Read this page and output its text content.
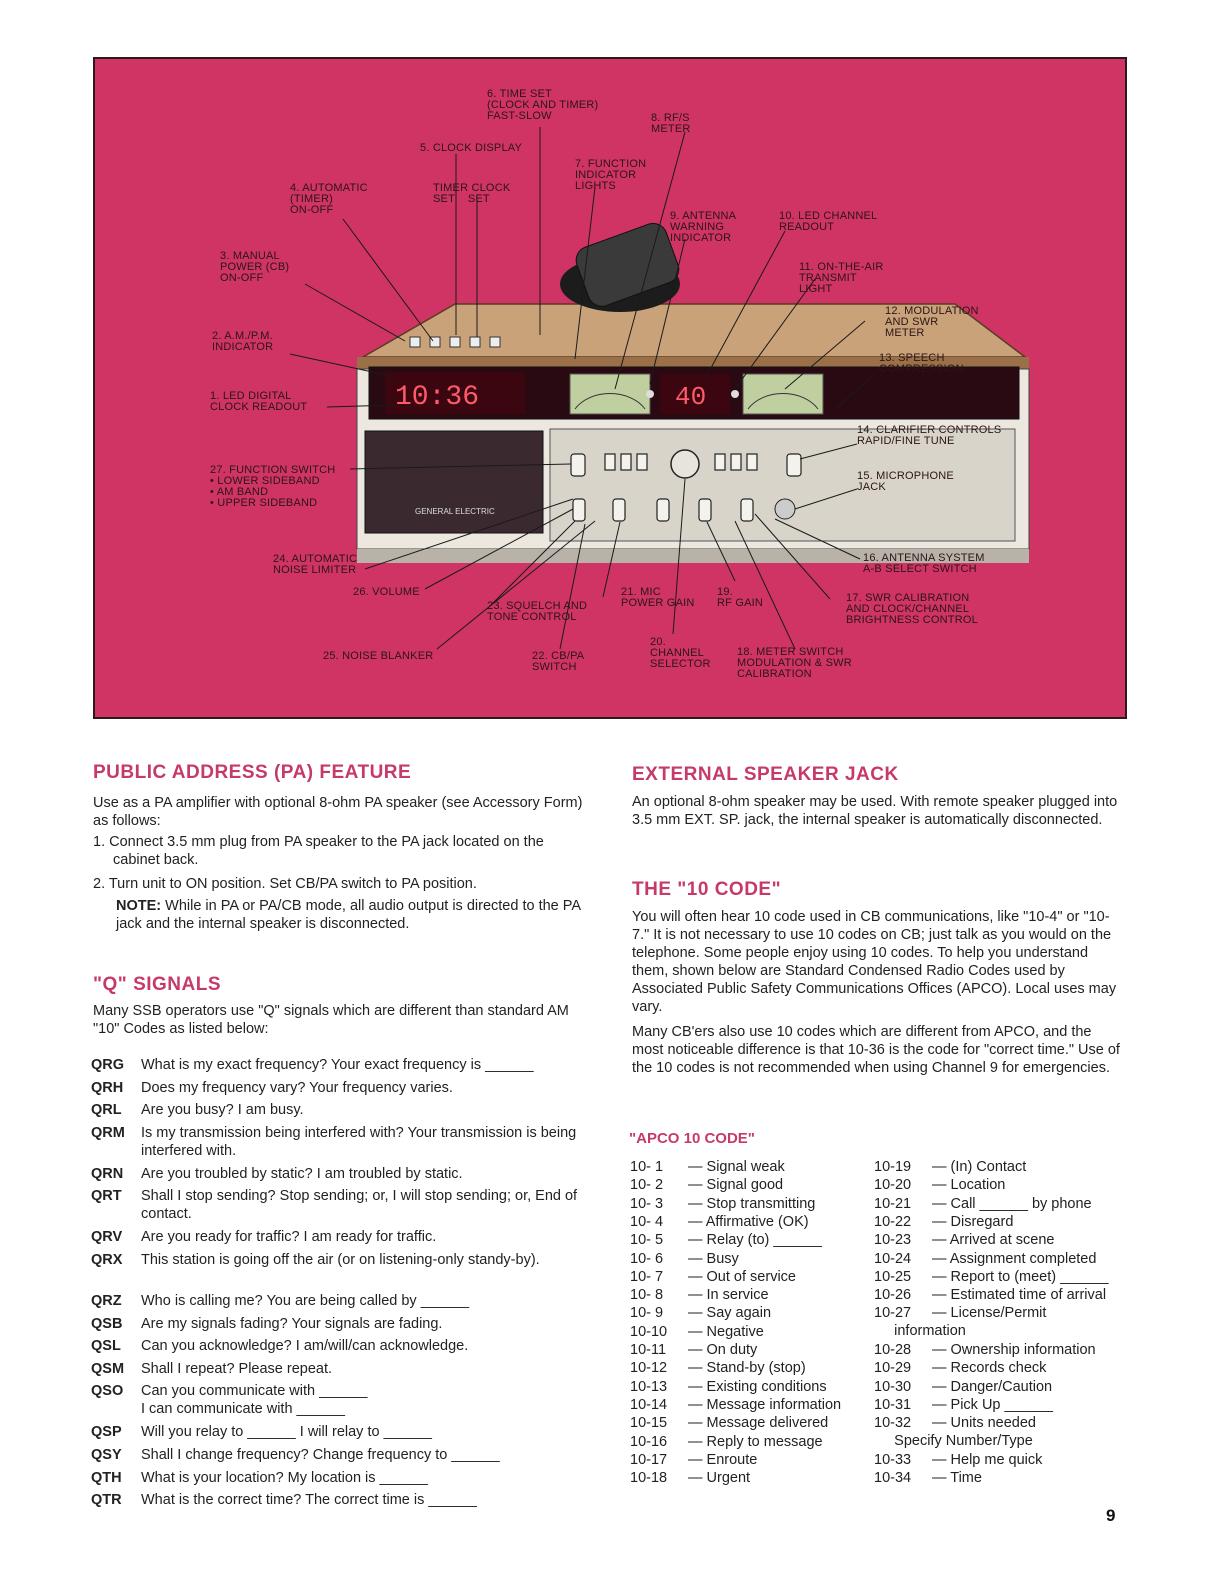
10:36	40
GENERAL ELECTRIC
6. TIME SET
(CLOCK AND TIMER)
FAST-SLOW	8. RF/S
METER
5. CLOCK DISPLAY
7. FUNCTION
INDICATOR
LIGHTS
4. AUTOMATIC
(TIMER)
ON-OFF
TIMER CLOCK
SET    SET
9. ANTENNA
WARNING
INDICATOR
10. LED CHANNEL
READOUT
3. MANUAL
POWER (CB)
ON-OFF
11. ON-THE-AIR
TRANSMIT
LIGHT
12. MODULATION
AND SWR
METER
2. A.M./P.M.
INDICATOR
13. SPEECH
COMPRESSION
1. LED DIGITAL
CLOCK READOUT
14. CLARIFIER CONTROLS
RAPID/FINE TUNE
27. FUNCTION SWITCH
• LOWER SIDEBAND
• AM BAND
• UPPER SIDEBAND
15. MICROPHONE
JACK
24. AUTOMATIC
NOISE LIMITER
16. ANTENNA SYSTEM
A-B SELECT SWITCH
26. VOLUME	21. MIC
POWER GAIN
19.
RF GAIN	17. SWR CALIBRATION
AND CLOCK/CHANNEL
BRIGHTNESS CONTROL
23. SQUELCH AND
TONE CONTROL
25. NOISE BLANKER	22. CB/PA
SWITCH
20.
CHANNEL
SELECTOR
18. METER SWITCH
MODULATION & SWR
CALIBRATION
PUBLIC ADDRESS (PA) FEATURE

Use as a PA amplifier with optional 8-ohm PA speaker (see Accessory Form) as follows:

1. Connect 3.5 mm plug from PA speaker to the PA jack located on the cabinet back.

2. Turn unit to ON position. Set CB/PA switch to PA position.

NOTE: While in PA or PA/CB mode, all audio output is directed to the PA jack and the internal speaker is disconnected.

"Q" SIGNALS

Many SSB operators use "Q" signals which are different than standard AM "10" Codes as listed below:

QRG What is my exact frequency? Your exact frequency is ______
QRH Does my frequency vary? Your frequency varies.
QRL Are you busy? I am busy.
QRM Is my transmission being interfered with? Your transmission is being interfered with.
QRN Are you troubled by static? I am troubled by static.
QRT Shall I stop sending? Stop sending; or, I will stop sending; or, End of contact.
QRV Are you ready for traffic? I am ready for traffic.
QRX This station is going off the air (or on listening-only standy-by).
QRZ Who is calling me? You are being called by ______
QSB Are my signals fading? Your signals are fading.
QSL Can you acknowledge? I am/will/can acknowledge.
QSM Shall I repeat? Please repeat.
QSO Can you communicate with ______
I can communicate with ______
QSP Will you relay to ______ I will relay to ______
QSY Shall I change frequency? Change frequency to ______
QTH What is your location? My location is ______
QTR What is the correct time? The correct time is ______
EXTERNAL SPEAKER JACK

An optional 8-ohm speaker may be used. With remote speaker plugged into 3.5 mm EXT. SP. jack, the internal speaker is automatically disconnected.

THE "10 CODE"

You will often hear 10 code used in CB communications, like "10-4" or "10-7." It is not necessary to use 10 codes on CB; just talk as you would on the telephone. Some people enjoy using 10 codes. To help you understand them, shown below are Standard Condensed Radio Codes used by Associated Public Safety Communications Offices (APCO). Local uses may vary.

Many CB'ers also use 10 codes which are different from APCO, and the most noticeable difference is that 10-36 is the code for "correct time." Use of the 10 codes is not recommended when using Channel 9 for emergencies.

"APCO 10 CODE"
10- 1 — Signal weak
10- 2 — Signal good
10- 3 — Stop transmitting
10- 4 — Affirmative (OK)
10- 5 — Relay (to) ______
10- 6 — Busy
10- 7 — Out of service
10- 8 — In service
10- 9 — Say again
10-10 — Negative
10-11 — On duty
10-12 — Stand-by (stop)
10-13 — Existing conditions
10-14 — Message information
10-15 — Message delivered
10-16 — Reply to message
10-17 — Enroute
10-18 — Urgent
10-19 — (In) Contact
10-20 — Location
10-21 — Call ______ by phone
10-22 — Disregard
10-23 — Arrived at scene
10-24 — Assignment completed
10-25 — Report to (meet) ______
10-26 — Estimated time of arrival
10-27 — License/Permit
information
10-28 — Ownership information
10-29 — Records check
10-30 — Danger/Caution
10-31 — Pick Up ______
10-32 — Units needed
Specify Number/Type
10-33 — Help me quick
10-34 — Time
9
